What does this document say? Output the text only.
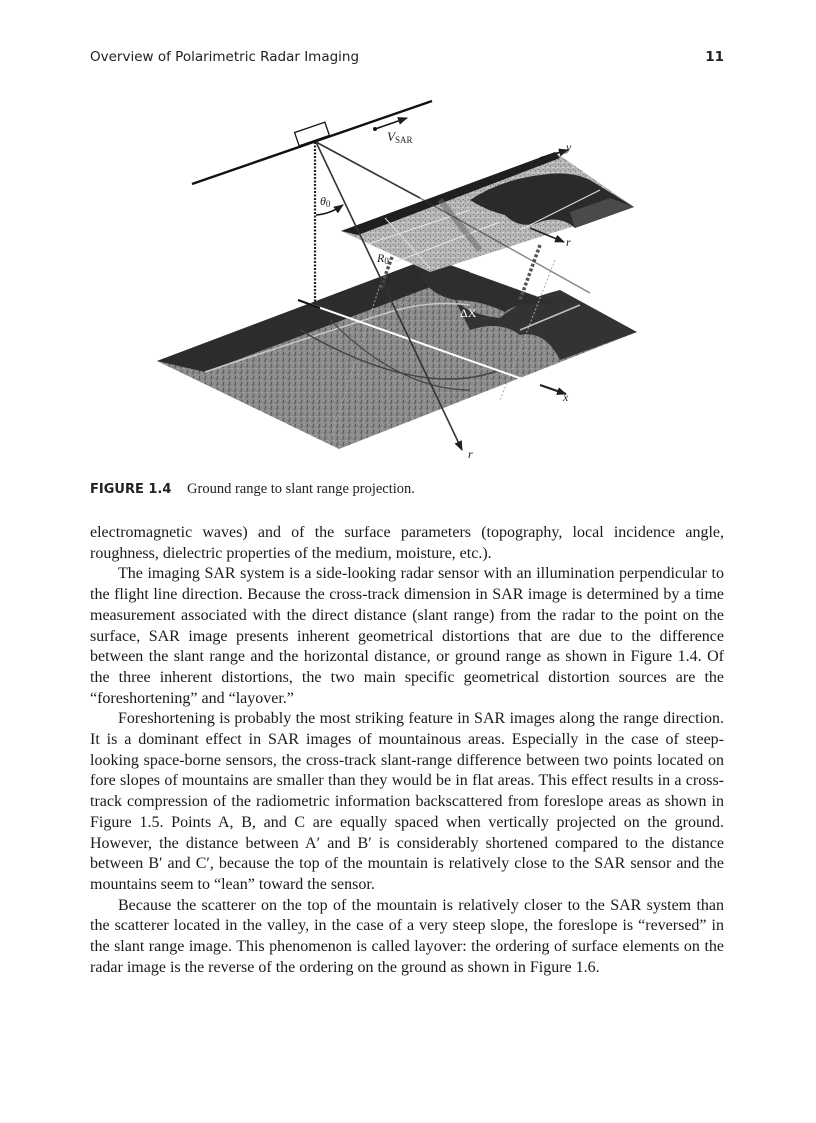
Overview of Polarimetric Radar Imaging	11
x
y
r
VSAR
r
θ0
R0
ΔX
FIGURE 1.4 Ground range to slant range projection.

electromagnetic waves) and of the surface parameters (topography, local incidence angle, roughness, dielectric properties of the medium, moisture, etc.).

The imaging SAR system is a side-looking radar sensor with an illumination perpendicular to the flight line direction. Because the cross-track dimension in SAR image is determined by a time measurement associated with the direct distance (slant range) from the radar to the point on the surface, SAR image presents inherent geometrical distortions that are due to the difference between the slant range and the horizontal distance, or ground range as shown in Figure 1.4. Of the three inherent distortions, the two main specific geometrical distortion sources are the “foreshortening” and “layover.”

Foreshortening is probably the most striking feature in SAR images along the range direction. It is a dominant effect in SAR images of mountainous areas. Especially in the case of steep-looking space-borne sensors, the cross-track slant-range difference between two points located on fore slopes of mountains are smaller than they would be in flat areas. This effect results in a cross-track compression of the radiometric information backscattered from foreslope areas as shown in Figure 1.5. Points A, B, and C are equally spaced when vertically projected on the ground. However, the distance between A′ and B′ is considerably shortened compared to the distance between B′ and C′, because the top of the mountain is relatively close to the SAR sensor and the mountains seem to “lean” toward the sensor.

Because the scatterer on the top of the mountain is relatively closer to the SAR system than the scatterer located in the valley, in the case of a very steep slope, the foreslope is “reversed” in the slant range image. This phenomenon is called layover: the ordering of surface elements on the radar image is the reverse of the ordering on the ground as shown in Figure 1.6.
